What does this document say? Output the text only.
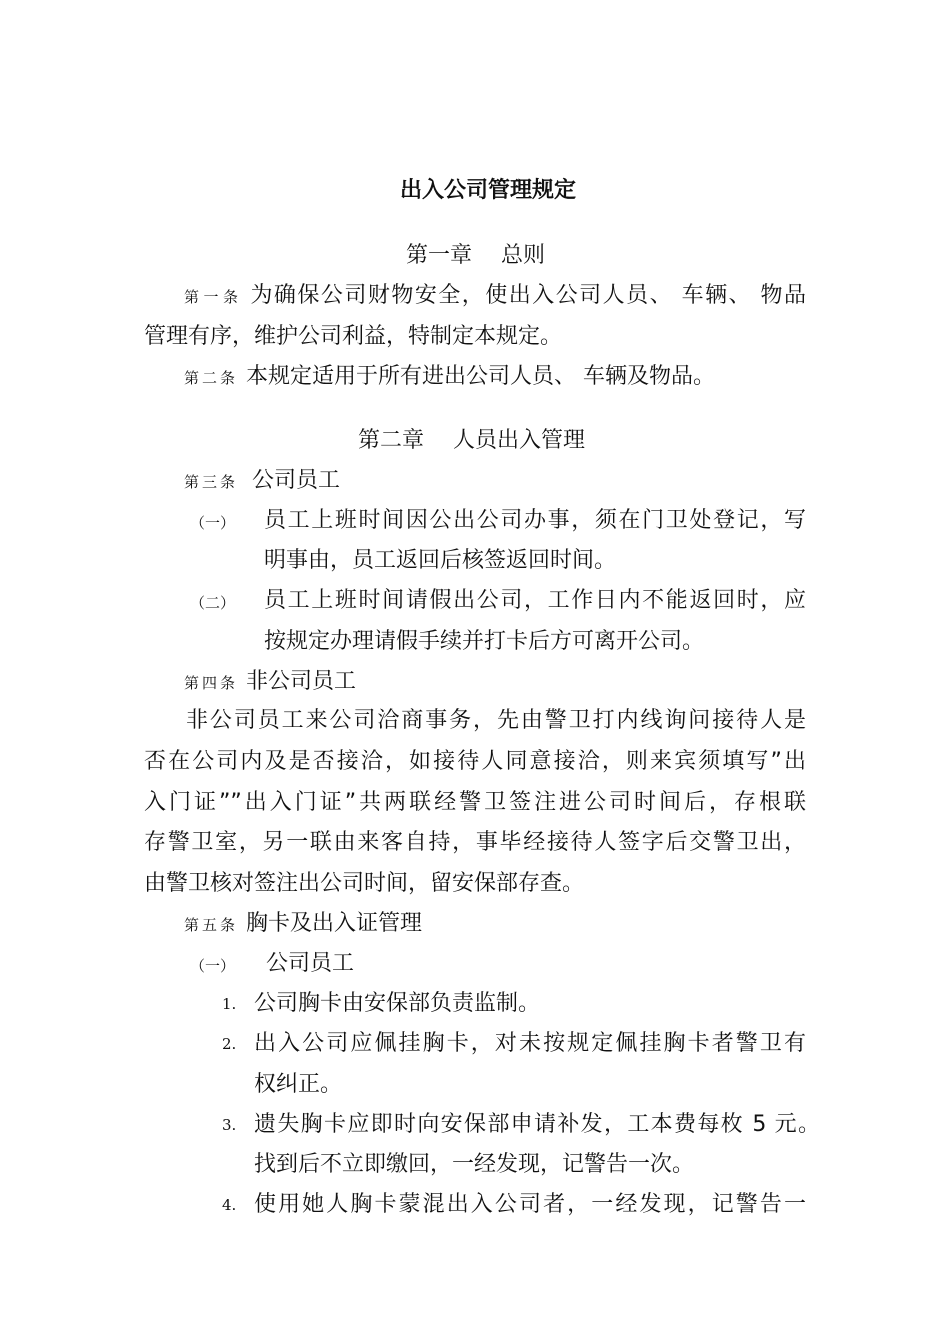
出入公司管理规定
第一章　 总则
第一条 为确保公司财物安全，使出入公司人员、 车辆、 物品
管理有序，维护公司利益，特制定本规定。
第二条 本规定适用于所有进出公司人员、 车辆及物品。
第二章　 人员出入管理
第三条 公司员工
（一） 员工上班时间因公出公司办事，须在门卫处登记，写
明事由，员工返回后核签返回时间。
（二） 员工上班时间请假出公司，工作日内不能返回时，应
按规定办理请假手续并打卡后方可离开公司。
第四条 非公司员工
非公司员工来公司洽商事务，先由警卫打内线询问接待人是
否在公司内及是否接洽，如接待人同意接洽，则来宾须填写”出
入门证””出入门证”共两联经警卫签注进公司时间后，存根联
存警卫室，另一联由来客自持，事毕经接待人签字后交警卫出，
由警卫核对签注出公司时间，留安保部存查。
第五条 胸卡及出入证管理
（一） 公司员工
1. 公司胸卡由安保部负责监制。
2. 出入公司应佩挂胸卡，对未按规定佩挂胸卡者警卫有
权纠正。
3. 遗失胸卡应即时向安保部申请补发，工本费每枚 5 元。
找到后不立即缴回，一经发现，记警告一次。
4. 使用她人胸卡蒙混出入公司者，一经发现，记警告一
